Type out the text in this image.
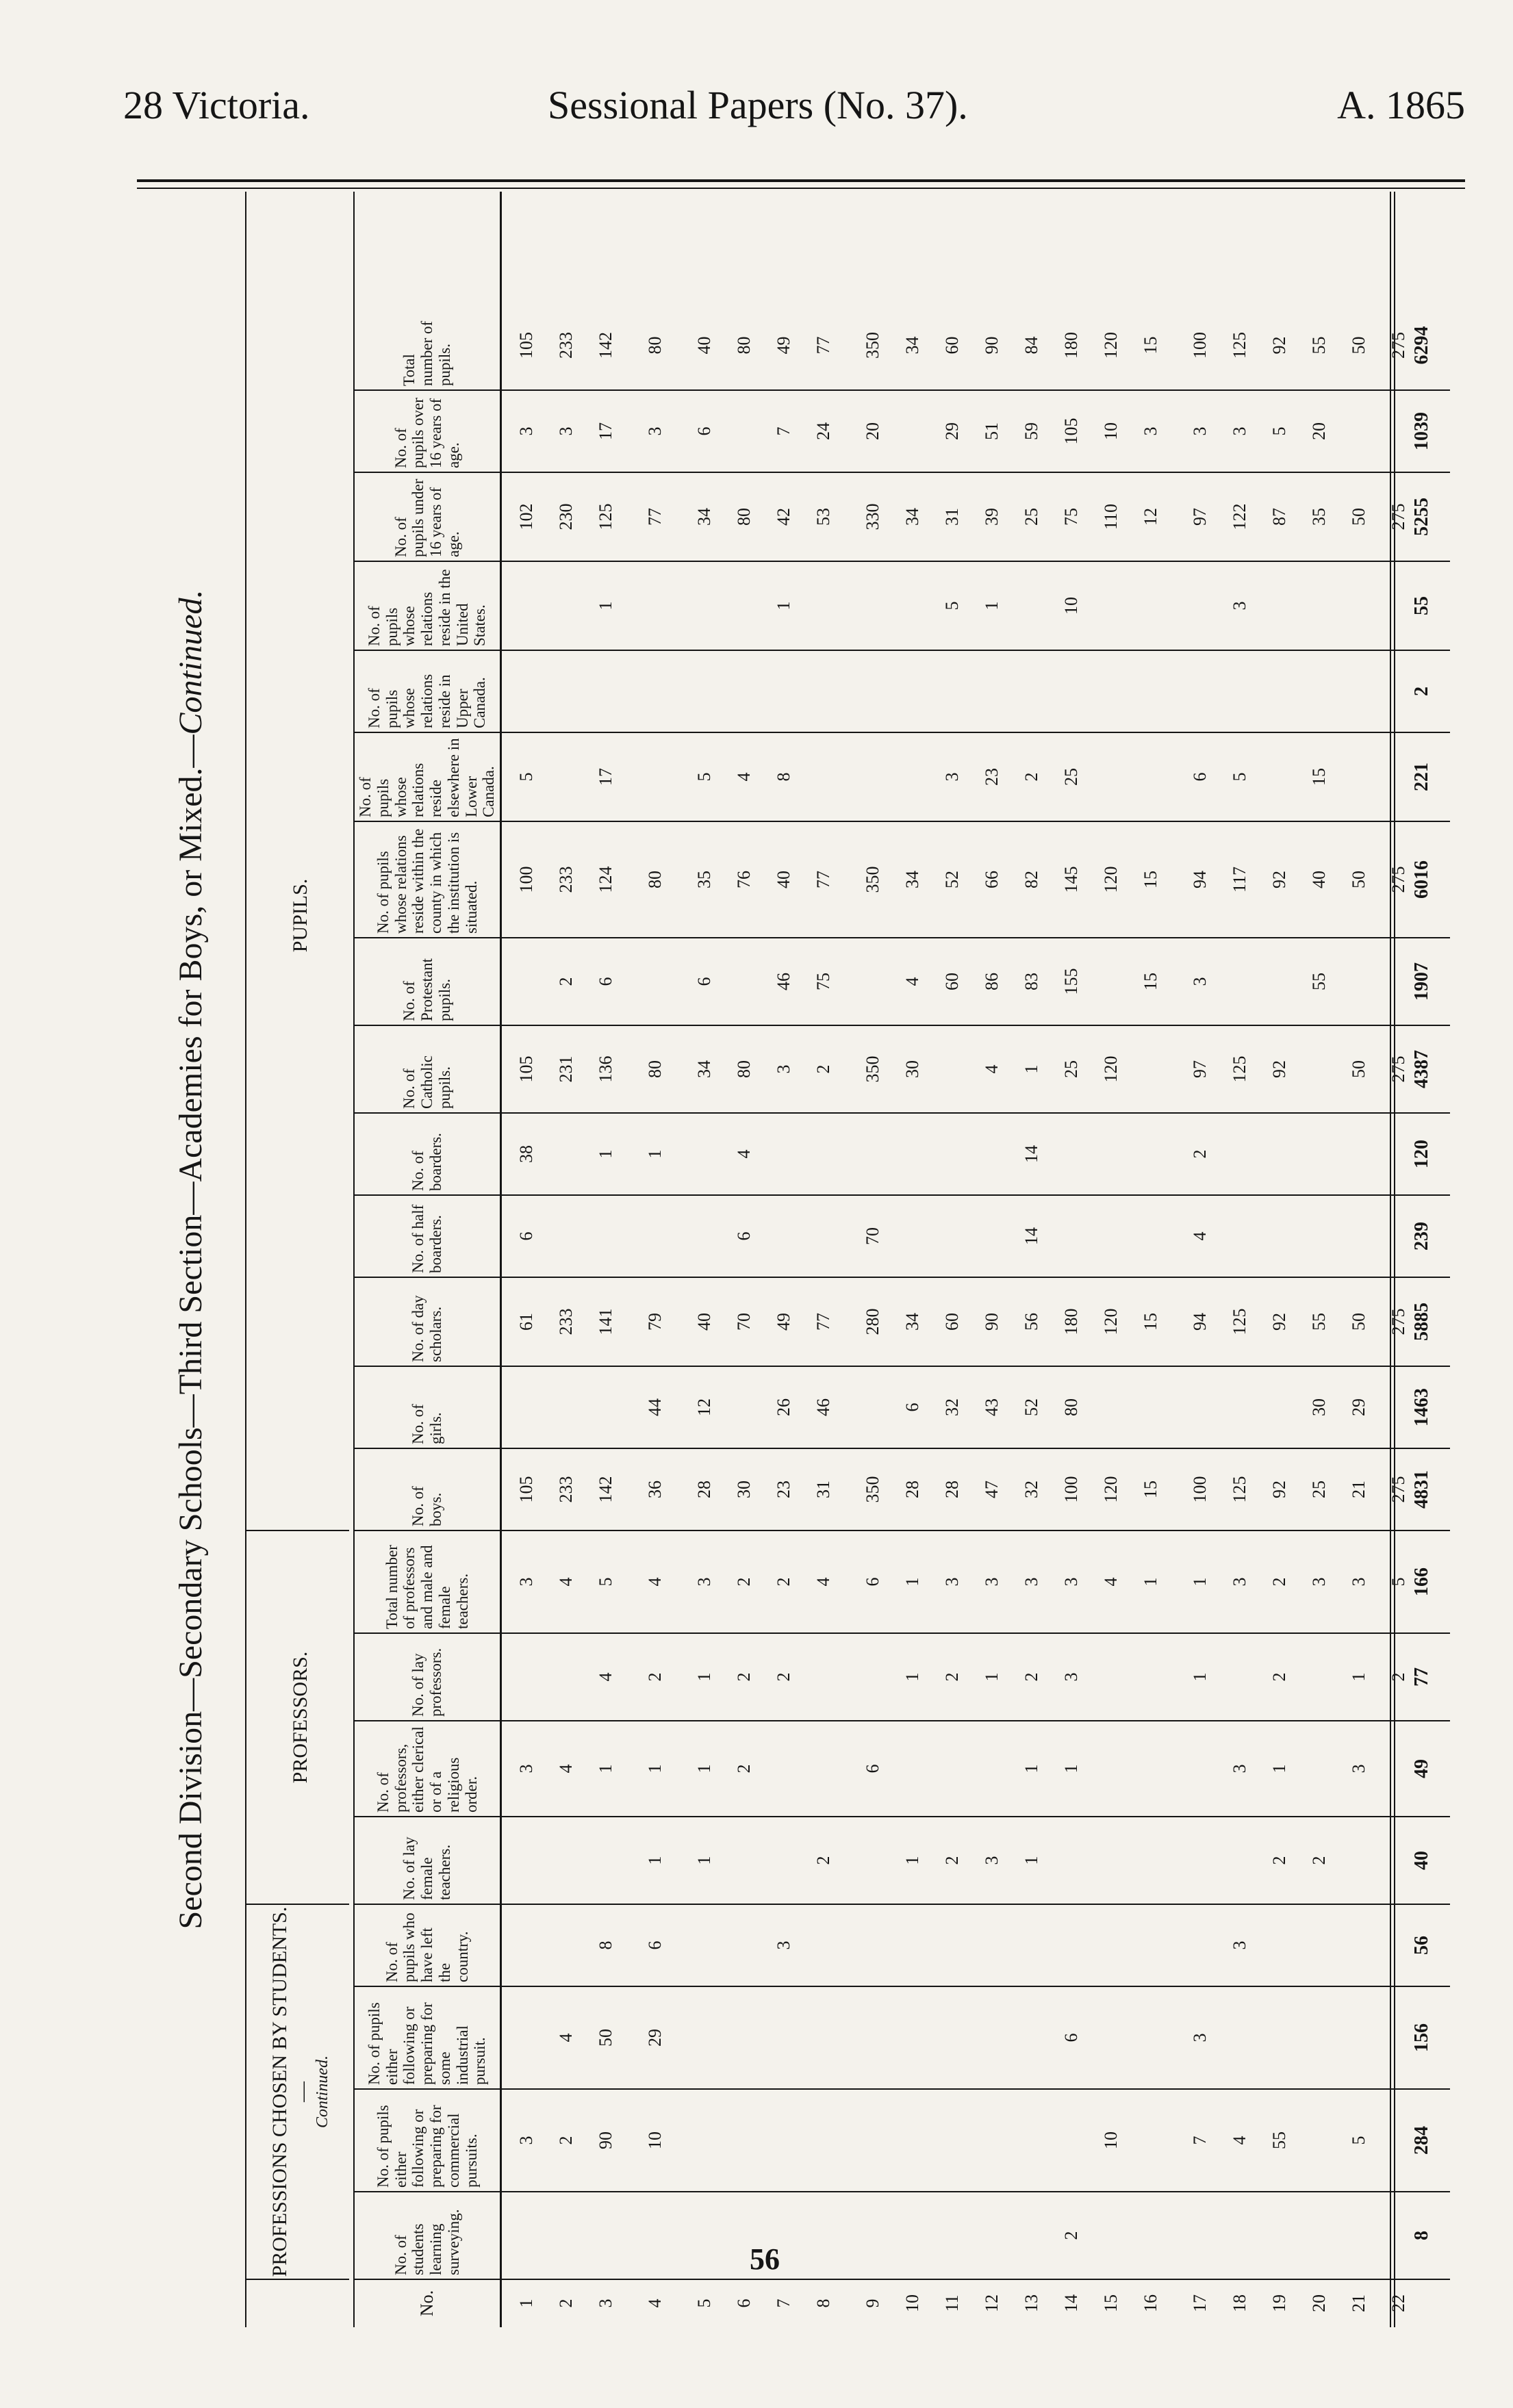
28 Victoria.	Sessional Papers (No. 37).	A. 1865
Second Division—Secondary Schools—Third Section—Academies for Boys, or Mixed.—Continued.
PROFESSIONS CHOSEN BY STUDENTS.— Continued.
PROFESSORS.
PUPILS.
No.
No. of students learning surveying.
No. of pupils either following or preparing for commercial pursuits.
No. of pupils either following or preparing for some industrial pursuit.
No. of pupils who have left the country.
No. of lay female teachers.
No. of professors, either clerical or of a religious order.
No. of lay professors.
Total number of professors and male and female teachers.
No. of boys.
No. of girls.
No. of day scholars.
No. of half boarders.
No. of boarders.
No. of Catholic pupils.
No. of Protestant pupils.
No. of pupils whose relations reside within the county in which the institution is situated.
No. of pupils whose relations reside elsewhere in Lower Canada.
No. of pupils whose relations reside in Upper Canada.
No. of pupils whose relations reside in the United States.
No. of pupils under 16 years of age.
No. of pupils over 16 years of age.
Total number of pupils.
1
3
3
3
105
61
6
38
105
100
5
102
3
105
2
2
4
4
4
233
233
231
2
233
230
3
233
3
90
50
8
1
4
5
142
141
1
136
6
124
17
1
125
17
142
4
10
29
6
1
1
2
4
36
44
79
1
80
80
77
3
80
5
1
1
1
3
28
12
40
34
6
35
5
34
6
40
6
2
2
2
30
70
6
4
80
76
4
80
80
7
3
2
2
23
26
49
3
46
40
8
1
42
7
49
8
2
4
31
46
77
2
75
77
53
24
77
9
6
6
350
280
70
350
350
330
20
350
10
1
1
1
28
6
34
30
4
34
34
34
11
2
2
3
28
32
60
60
52
3
5
31
29
60
12
3
1
3
47
43
90
4
86
66
23
1
39
51
90
13
1
1
2
3
32
52
56
14
14
1
83
82
2
25
59
84
14
2
6
1
3
3
100
80
180
25
155
145
25
10
75
105
180
15
10
4
120
120
120
120
110
10
120
16
1
15
15
15
15
12
3
15
17
7
3
1
1
100
94
4
2
97
3
94
6
97
3
100
18
4
3
3
3
125
125
125
117
5
3
122
3
125
19
55
2
1
2
2
92
92
92
92
87
5
92
20
2
3
25
30
55
55
40
15
35
20
55
21
5
3
1
3
21
29
50
50
50
50
50
22
2
5
275
275
275
275
275
275
8
284
156
56
40
49
77
166
4831
1463
5885
239
120
4387
1907
6016
221
2
55
5255
1039
6294
56
